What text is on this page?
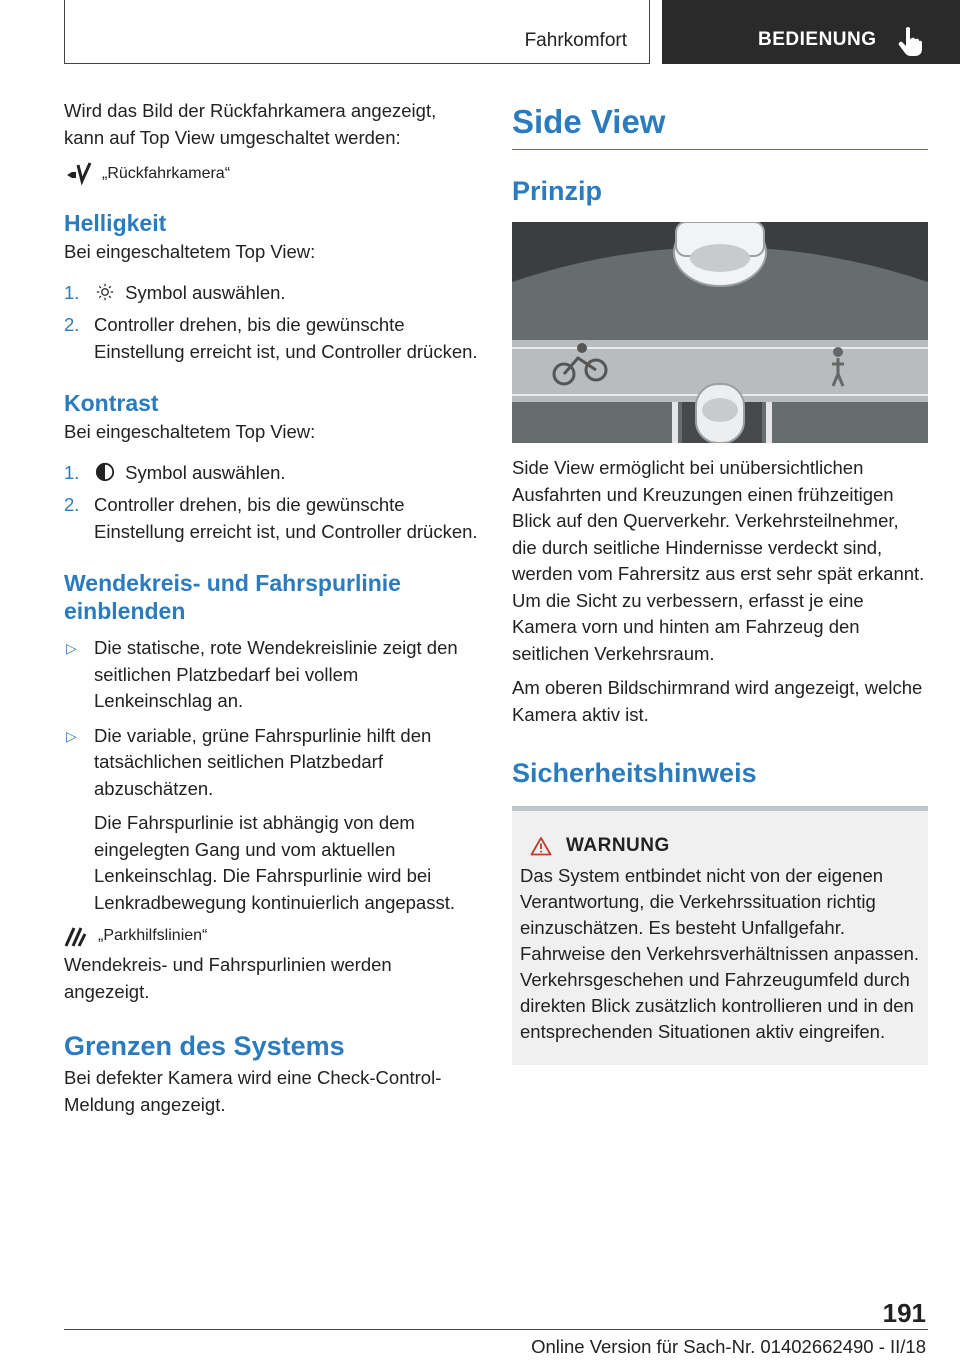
Fahrkomfort	BEDIENUNG

Wird das Bild der Rückfahrkamera angezeigt, kann auf Top View umgeschaltet werden:

„Rückfahrkamera“
Helligkeit

Bei eingeschaltetem Top View:

1. Symbol auswählen.
2. Controller drehen, bis die gewünschte Einstellung erreicht ist, und Controller drücken.
Kontrast

Bei eingeschaltetem Top View:

1. Symbol auswählen.
2. Controller drehen, bis die gewünschte Einstellung erreicht ist, und Controller drücken.
Wendekreis- und Fahrspurlinie einblenden
▷ Die statische, rote Wendekreislinie zeigt den seitlichen Platzbedarf bei vollem Lenkeinschlag an.
▷ Die variable, grüne Fahrspurlinie hilft den tatsächlichen seitlichen Platzbedarf abzuschätzen.

Die Fahrspurlinie ist abhängig von dem eingelegten Gang und vom aktuellen Lenkeinschlag. Die Fahrspurlinie wird bei Lenkradbewegung kontinuierlich angepasst.

„Parkhilfslinien“

Wendekreis- und Fahrspurlinien werden angezeigt.

Grenzen des Systems

Bei defekter Kamera wird eine Check-Control-Meldung angezeigt.

Side View
Prinzip

Side View ermöglicht bei unübersichtlichen Ausfahrten und Kreuzungen einen frühzeitigen Blick auf den Querverkehr. Verkehrsteilnehmer, die durch seitliche Hindernisse verdeckt sind, werden vom Fahrersitz aus erst sehr spät erkannt. Um die Sicht zu verbessern, erfasst je eine Kamera vorn und hinten am Fahrzeug den seitlichen Verkehrsraum.

Am oberen Bildschirmrand wird angezeigt, welche Kamera aktiv ist.

Sicherheitshinweis
WARNUNG

Das System entbindet nicht von der eigenen Verantwortung, die Verkehrssituation richtig einzuschätzen. Es besteht Unfallgefahr. Fahrweise den Verkehrsverhältnissen anpassen. Verkehrsgeschehen und Fahrzeugumfeld durch direkten Blick zusätzlich kontrollieren und in den entsprechenden Situationen aktiv eingreifen.

191
Online Version für Sach-Nr. 01402662490 - II/18
